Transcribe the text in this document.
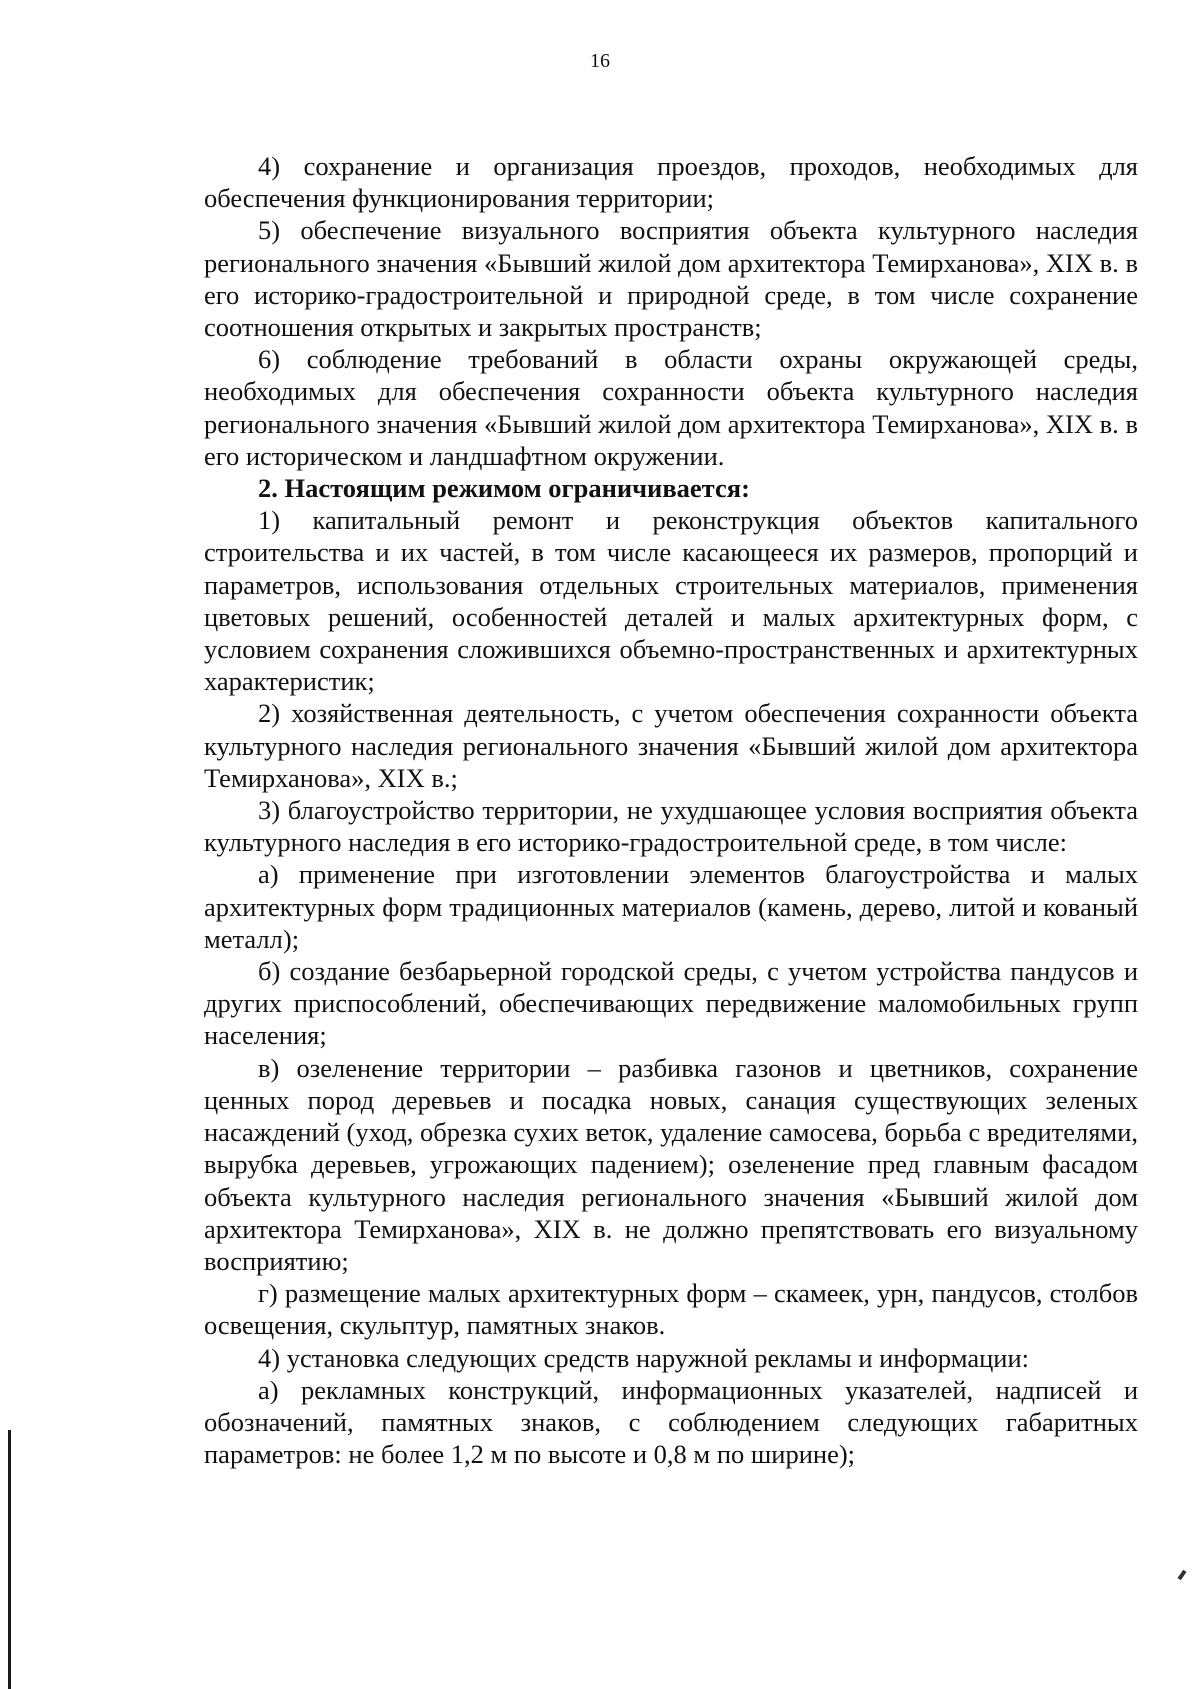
16

4) сохранение и организация проездов, проходов, необходимых для обеспечения функционирования территории;

5) обеспечение визуального восприятия объекта культурного наследия регионального значения «Бывший жилой дом архитектора Темирханова», XIX в. в его историко-градостроительной и природной среде, в том числе сохранение соотношения открытых и закрытых пространств;

6) соблюдение требований в области охраны окружающей среды, необходимых для обеспечения сохранности объекта культурного наследия регионального значения «Бывший жилой дом архитектора Темирханова», XIX в. в его историческом и ландшафтном окружении.

2. Настоящим режимом ограничивается:

1) капитальный ремонт и реконструкция объектов капитального строительства и их частей, в том числе касающееся их размеров, пропорций и параметров, использования отдельных строительных материалов, применения цветовых решений, особенностей деталей и малых архитектурных форм, с условием сохранения сложившихся объемно-пространственных и архитектурных характеристик;

2) хозяйственная деятельность, с учетом обеспечения сохранности объекта культурного наследия регионального значения «Бывший жилой дом архитектора Темирханова», XIX в.;

3) благоустройство территории, не ухудшающее условия восприятия объекта культурного наследия в его историко-градостроительной среде, в том числе:

а) применение при изготовлении элементов благоустройства и малых архитектурных форм традиционных материалов (камень, дерево, литой и кованый металл);

б) создание безбарьерной городской среды, с учетом устройства пандусов и других приспособлений, обеспечивающих передвижение маломобильных групп населения;

в) озеленение территории – разбивка газонов и цветников, сохранение ценных пород деревьев и посадка новых, санация существующих зеленых насаждений (уход, обрезка сухих веток, удаление самосева, борьба с вредителями, вырубка деревьев, угрожающих падением); озеленение пред главным фасадом объекта культурного наследия регионального значения «Бывший жилой дом архитектора Темирханова», XIX в. не должно препятствовать его визуальному восприятию;

г) размещение малых архитектурных форм – скамеек, урн, пандусов, столбов освещения, скульптур, памятных знаков.

4) установка следующих средств наружной рекламы и информации:

а) рекламных конструкций, информационных указателей, надписей и обозначений, памятных знаков, с соблюдением следующих габаритных параметров: не более 1,2 м по высоте и 0,8 м по ширине);
